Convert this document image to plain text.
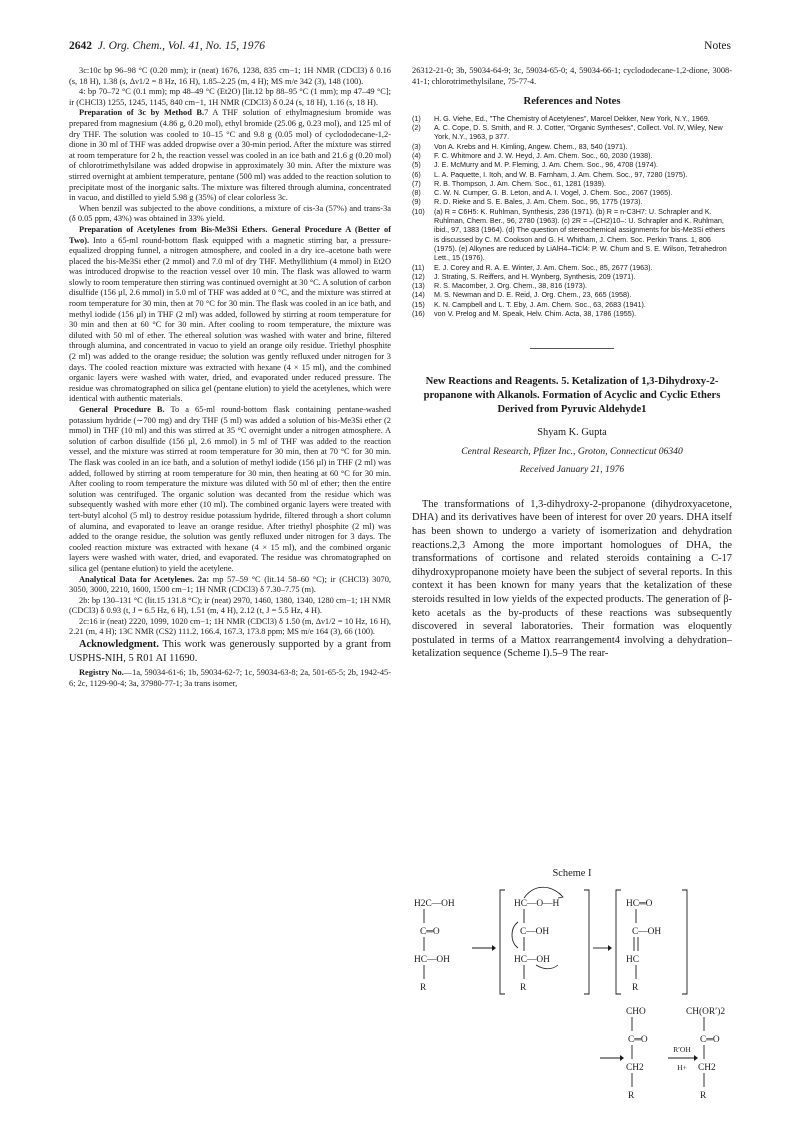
2642 J. Org. Chem., Vol. 41, No. 15, 1976	Notes

3c:10c bp 96–98 °C (0.20 mm); ir (neat) 1676, 1238, 835 cm−1; 1H NMR (CDCl3) δ 0.16 (s, 18 H), 1.38 (s, Δν1/2 = 8 Hz, 16 H), 1.85–2.25 (m, 4 H); MS m/e 342 (3), 148 (100).

4: bp 70–72 °C (0.1 mm); mp 48–49 °C (Et2O) [lit.12 bp 88–95 °C (1 mm); mp 47–49 °C]; ir (CHCl3) 1255, 1245, 1145, 840 cm−1, 1H NMR (CDCl3) δ 0.24 (s, 18 H), 1.16 (s, 18 H).

Preparation of 3c by Method B.7 A THF solution of ethylmagnesium bromide was prepared from magnesium (4.86 g, 0.20 mol), ethyl bromide (25.06 g, 0.23 mol), and 125 ml of dry THF. The solution was cooled to 10–15 °C and 9.8 g (0.05 mol) of cyclododecane-1,2-dione in 30 ml of THF was added dropwise over a 30-min period. After the mixture was stirred at room temperature for 2 h, the reaction vessel was cooled in an ice bath and 21.6 g (0.20 mol) of chlorotrimethylsilane was added dropwise in approximately 30 min. After the mixture was stirred overnight at ambient temperature, pentane (500 ml) was added to the reaction solution to precipitate most of the inorganic salts. The mixture was filtered through alumina, concentrated in vacuo, and distilled to yield 5.98 g (35%) of clear colorless 3c.

When benzil was subjected to the above conditions, a mixture of cis-3a (57%) and trans-3a (δ 0.05 ppm, 43%) was obtained in 33% yield.

Preparation of Acetylenes from Bis-Me3Si Ethers. General Procedure A (Better of Two). Into a 65-ml round-bottom flask equipped with a magnetic stirring bar, a pressure-equalized dropping funnel, a nitrogen atmosphere, and cooled in a dry ice–acetone bath were placed the bis-Me3Si ether (2 mmol) and 7.0 ml of dry THF. Methyllithium (4 mmol) in Et2O was introduced dropwise to the reaction vessel over 10 min. The flask was allowed to warm slowly to room temperature then stirring was continued overnight at 30 °C. A solution of carbon disulfide (156 µl, 2.6 mmol) in 5.0 ml of THF was added at 0 °C, and the mixture was stirred at room temperature for 30 min, then at 70 °C for 30 min. The flask was cooled in an ice bath, and methyl iodide (156 µl) in THF (2 ml) was added, followed by stirring at room temperature for 30 min and then at 60 °C for 30 min. After cooling to room temperature, the mixture was diluted with 50 ml of ether. The ethereal solution was washed with water and brine, filtered through alumina, and concentrated in vacuo to yield an orange oily residue. Triethyl phosphite (2 ml) was added to the orange residue; the solution was gently refluxed under nitrogen for 3 days. The cooled reaction mixture was extracted with hexane (4 × 15 ml), and the combined organic layers were washed with water, dried, and evaporated under reduced pressure. The residue was chromatographed on silica gel (pentane elution) to yield the acetylenes, which were identical with authentic materials.

General Procedure B. To a 65-ml round-bottom flask containing pentane-washed potassium hydride (∼700 mg) and dry THF (5 ml) was added a solution of bis-Me3Si ether (2 mmol) in THF (10 ml) and this was stirred at 35 °C overnight under a nitrogen atmosphere. A solution of carbon disulfide (156 µl, 2.6 mmol) in 5 ml of THF was added to the reaction vessel, and the mixture was stirred at room temperature for 30 min, then at 70 °C for 30 min. The flask was cooled in an ice bath, and a solution of methyl iodide (156 µl) in THF (2 ml) was added, followed by stirring at room temperature for 30 min, then heating at 60 °C for 30 min. After cooling to room temperature the mixture was diluted with 50 ml of ether; then the entire solution was centrifuged. The organic solution was decanted from the residue which was subsequently washed with more ether (10 ml). The combined organic layers were treated with tert-butyl alcohol (5 ml) to destroy residue potassium hydride, filtered through a short column of alumina, and evaporated to leave an orange residue. After triethyl phosphite (2 ml) was added to the orange residue, the solution was gently refluxed under nitrogen for 3 days. The cooled reaction mixture was extracted with hexane (4 × 15 ml), and the combined organic layers were washed with water, dried, and evaporated. The residue was chromatographed on silica gel (pentane elution) to yield the acetylene.

Analytical Data for Acetylenes. 2a: mp 57–59 °C (lit.14 58–60 °C); ir (CHCl3) 3070, 3050, 3000, 2210, 1600, 1500 cm−1; 1H NMR (CDCl3) δ 7.30–7.75 (m).

2b: bp 130–131 °C (lit.15 131.8 °C); ir (neat) 2970, 1460, 1380, 1340, 1280 cm−1; 1H NMR (CDCl3) δ 0.93 (t, J = 6.5 Hz, 6 H), 1.51 (m, 4 H), 2.12 (t, J = 5.5 Hz, 4 H).

2c:16 ir (neat) 2220, 1099, 1020 cm−1; 1H NMR (CDCl3) δ 1.50 (m, Δν1/2 = 10 Hz, 16 H), 2.21 (m, 4 H); 13C NMR (CS2) 111.2, 166.4, 167.3, 173.8 ppm; MS m/e 164 (3), 66 (100).

Acknowledgment. This work was generously supported by a grant from USPHS-NIH, 5 R01 AI 11690.

Registry No.—1a, 59034-61-6; 1b, 59034-62-7; 1c, 59034-63-8; 2a, 501-65-5; 2b, 1942-45-6; 2c, 1129-90-4; 3a, 37980-77-1; 3a trans isomer,

26312-21-0; 3b, 59034-64-9; 3c, 59034-65-0; 4, 59034-66-1; cyclododecane-1,2-dione, 3008-41-1; chlorotrimethylsilane, 75-77-4.

References and Notes
(1) H. G. Viehe, Ed., "The Chemistry of Acetylenes", Marcel Dekker, New York, N.Y., 1969.
(2) A. C. Cope, D. S. Smith, and R. J. Cotter, "Organic Syntheses", Collect. Vol. IV, Wiley, New York, N.Y., 1963, p 377.
(3) Von A. Krebs and H. Kimling, Angew. Chem., 83, 540 (1971).
(4) F. C. Whitmore and J. W. Heyd, J. Am. Chem. Soc., 60, 2030 (1938).
(5) J. E. McMurry and M. P. Fleming, J. Am. Chem. Soc., 96, 4708 (1974).
(6) L. A. Paquette, I. Itoh, and W. B. Farnham, J. Am. Chem. Soc., 97, 7280 (1975).
(7) R. B. Thompson, J. Am. Chem. Soc., 61, 1281 (1939).
(8) C. W. N. Cumper, G. B. Leton, and A. I. Vogel, J. Chem. Soc., 2067 (1965).
(9) R. D. Rieke and S. E. Bales, J. Am. Chem. Soc., 95, 1775 (1973).
(10) (a) R = C6H5: K. Ruhlman, Synthesis, 236 (1971). (b) R = n-C3H7: U. Schrapler and K. Ruhlman, Chem. Ber., 96, 2780 (1963). (c) 2R = –(CH2)10–: U. Schrapler and K. Ruhlman, ibid., 97, 1383 (1964). (d) The question of stereochemical assignments for bis-Me3Si ethers is discussed by C. M. Cookson and G. H. Whitham, J. Chem. Soc. Perkin Trans. 1, 806 (1975). (e) Alkynes are reduced by LiAlH4–TiCl4: P. W. Chum and S. E. Wilson, Tetrahedron Lett., 15 (1976).
(11) E. J. Corey and R. A. E. Winter, J. Am. Chem. Soc., 85, 2677 (1963).
(12) J. Strating, S. Reiffers, and H. Wynberg, Synthesis, 209 (1971).
(13) R. S. Macomber, J. Org. Chem., 38, 816 (1973).
(14) M. S. Newman and D. E. Reid, J. Org. Chem., 23, 665 (1958).
(15) K. N. Campbell and L. T. Eby, J. Am. Chem. Soc., 63, 2683 (1941).
(16) von V. Prelog and M. Speak, Helv. Chim. Acta, 38, 1786 (1955).
New Reactions and Reagents. 5. Ketalization of 1,3-Dihydroxy-2-propanone with Alkanols. Formation of Acyclic and Cyclic Ethers Derived from Pyruvic Aldehyde1
Shyam K. Gupta
Central Research, Pfizer Inc., Groton, Connecticut 06340
Received January 21, 1976

The transformations of 1,3-dihydroxy-2-propanone (dihydroxyacetone, DHA) and its derivatives have been of interest for over 20 years. DHA itself has been shown to undergo a variety of isomerization and dehydration reactions.2,3 Among the more important homologues of DHA, the transformations of cortisone and related steroids containing a C-17 dihydroxypropanone moiety have been the subject of several reports. In this context it has been known for many years that the ketalization of these steroids resulted in low yields of the expected products. The generation of β-keto acetals as the by-products of these reactions was subsequently discovered in several laboratories. Their formation was eloquently postulated in terms of a Mattox rearrangement4 involving a dehydration–ketalization sequence (Scheme I).5–9 The rear-

Scheme I
H2C—OH
C═O
HC—OH
R
HC—O—H
C—OH
HC—OH
R
HC═O
C—OH
HC
R
CHO
C═O
CH2
R
R′OH
H+
CH(OR′)2
C═O
CH2
R
